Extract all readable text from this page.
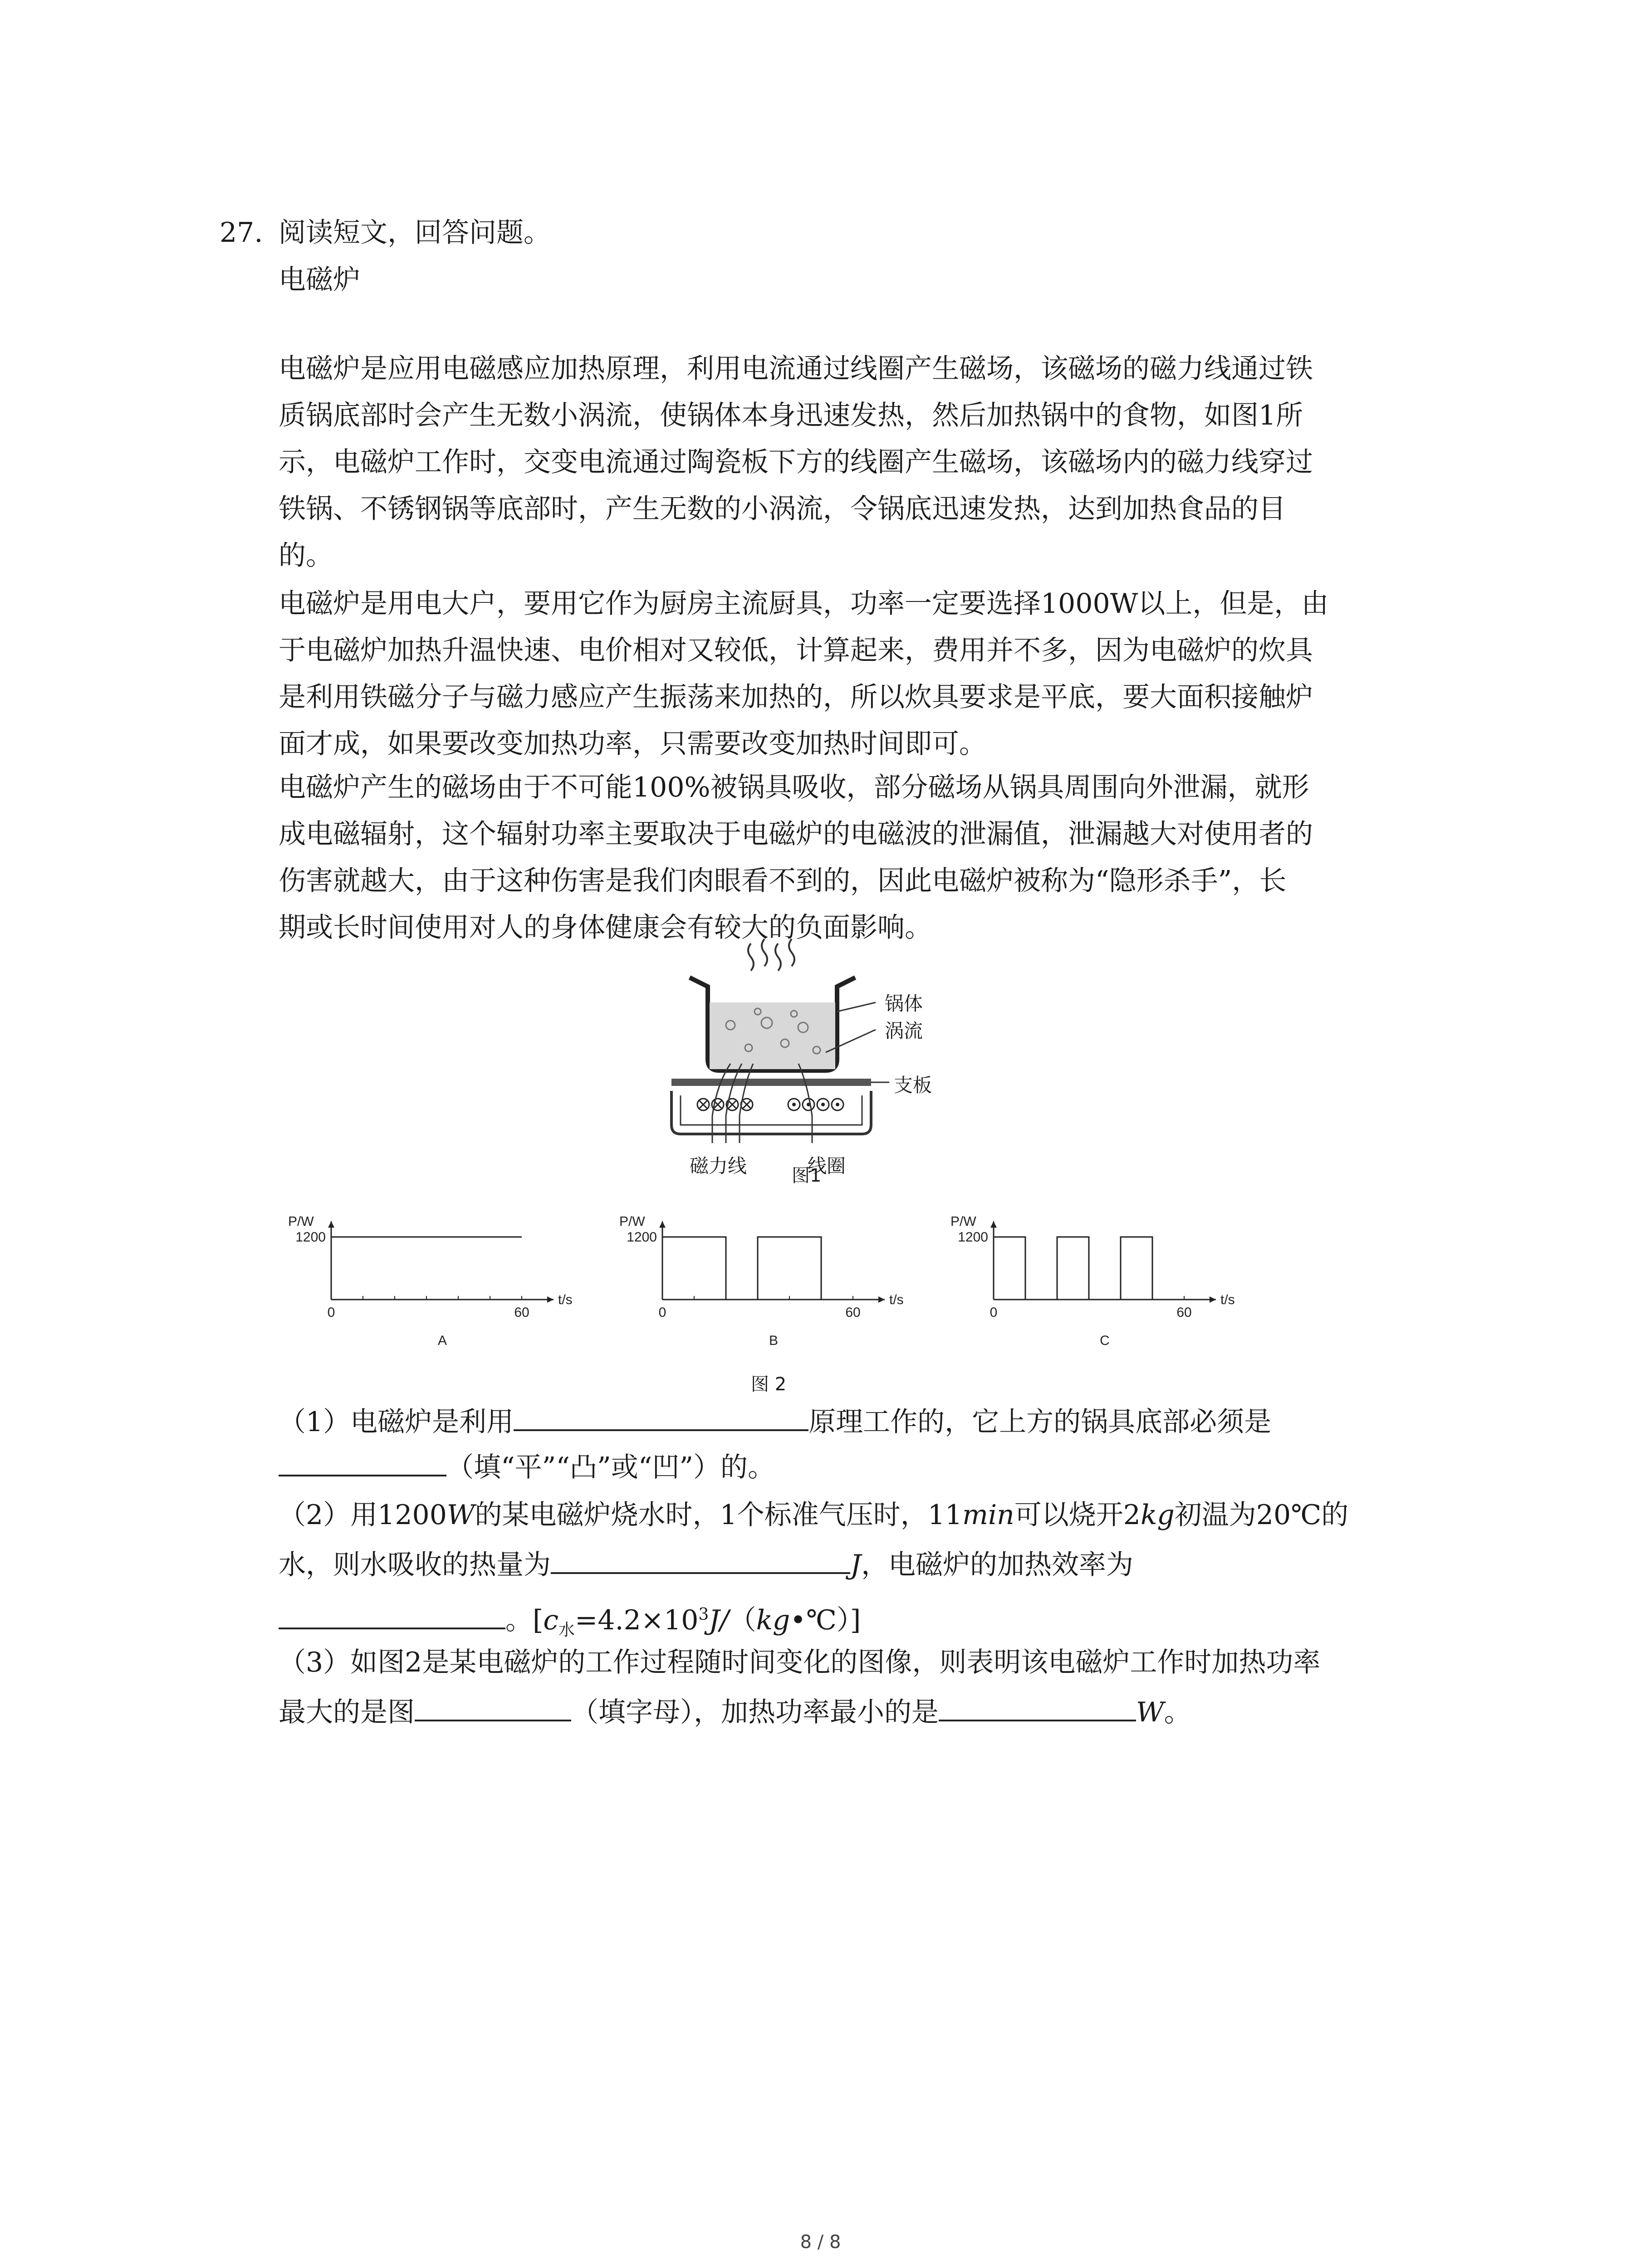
27. 阅读短文，回答问题。
电磁炉
电磁炉是应用电磁感应加热原理，利用电流通过线圈产生磁场，该磁场的磁力线通过铁
质锅底部时会产生无数小涡流，使锅体本身迅速发热，然后加热锅中的食物，如图1所
示，电磁炉工作时，交变电流通过陶瓷板下方的线圈产生磁场，该磁场内的磁力线穿过
铁锅、不锈钢锅等底部时，产生无数的小涡流，令锅底迅速发热，达到加热食品的目
的。
电磁炉是用电大户，要用它作为厨房主流厨具，功率一定要选择1000W以上，但是，由
于电磁炉加热升温快速、电价相对又较低，计算起来，费用并不多，因为电磁炉的炊具
是利用铁磁分子与磁力感应产生振荡来加热的，所以炊具要求是平底，要大面积接触炉
面才成，如果要改变加热功率，只需要改变加热时间即可。
电磁炉产生的磁场由于不可能100%被锅具吸收，部分磁场从锅具周围向外泄漏，就形
成电磁辐射，这个辐射功率主要取决于电磁炉的电磁波的泄漏值，泄漏越大对使用者的
伤害就越大，由于这种伤害是我们肉眼看不到的，因此电磁炉被称为“隐形杀手”，长
期或长时间使用对人的身体健康会有较大的负面影响。
锅体
涡流
支板
磁力线	线圈
图1
P/W
t/s
1200
0	60
A
P/W
t/s
1200
0	60
B
P/W
t/s
1200
0	60
C
图 2
（1）电磁炉是利用	原理工作的，它上方的锅具底部必须是
（填“平”“凸”或“凹”）的。
（2）用1200W的某电磁炉烧水时，1个标准气压时，11min可以烧开2kg初温为20℃的
水，则水吸收的热量为	J，电磁炉的加热效率为
。$[c_水=4.2\times 10^3J/(kg•℃)]$
（3）如图2是某电磁炉的工作过程随时间变化的图像，则表明该电磁炉工作时加热功率
最大的是图	（填字母），加热功率最小的是	W。
8 / 8
